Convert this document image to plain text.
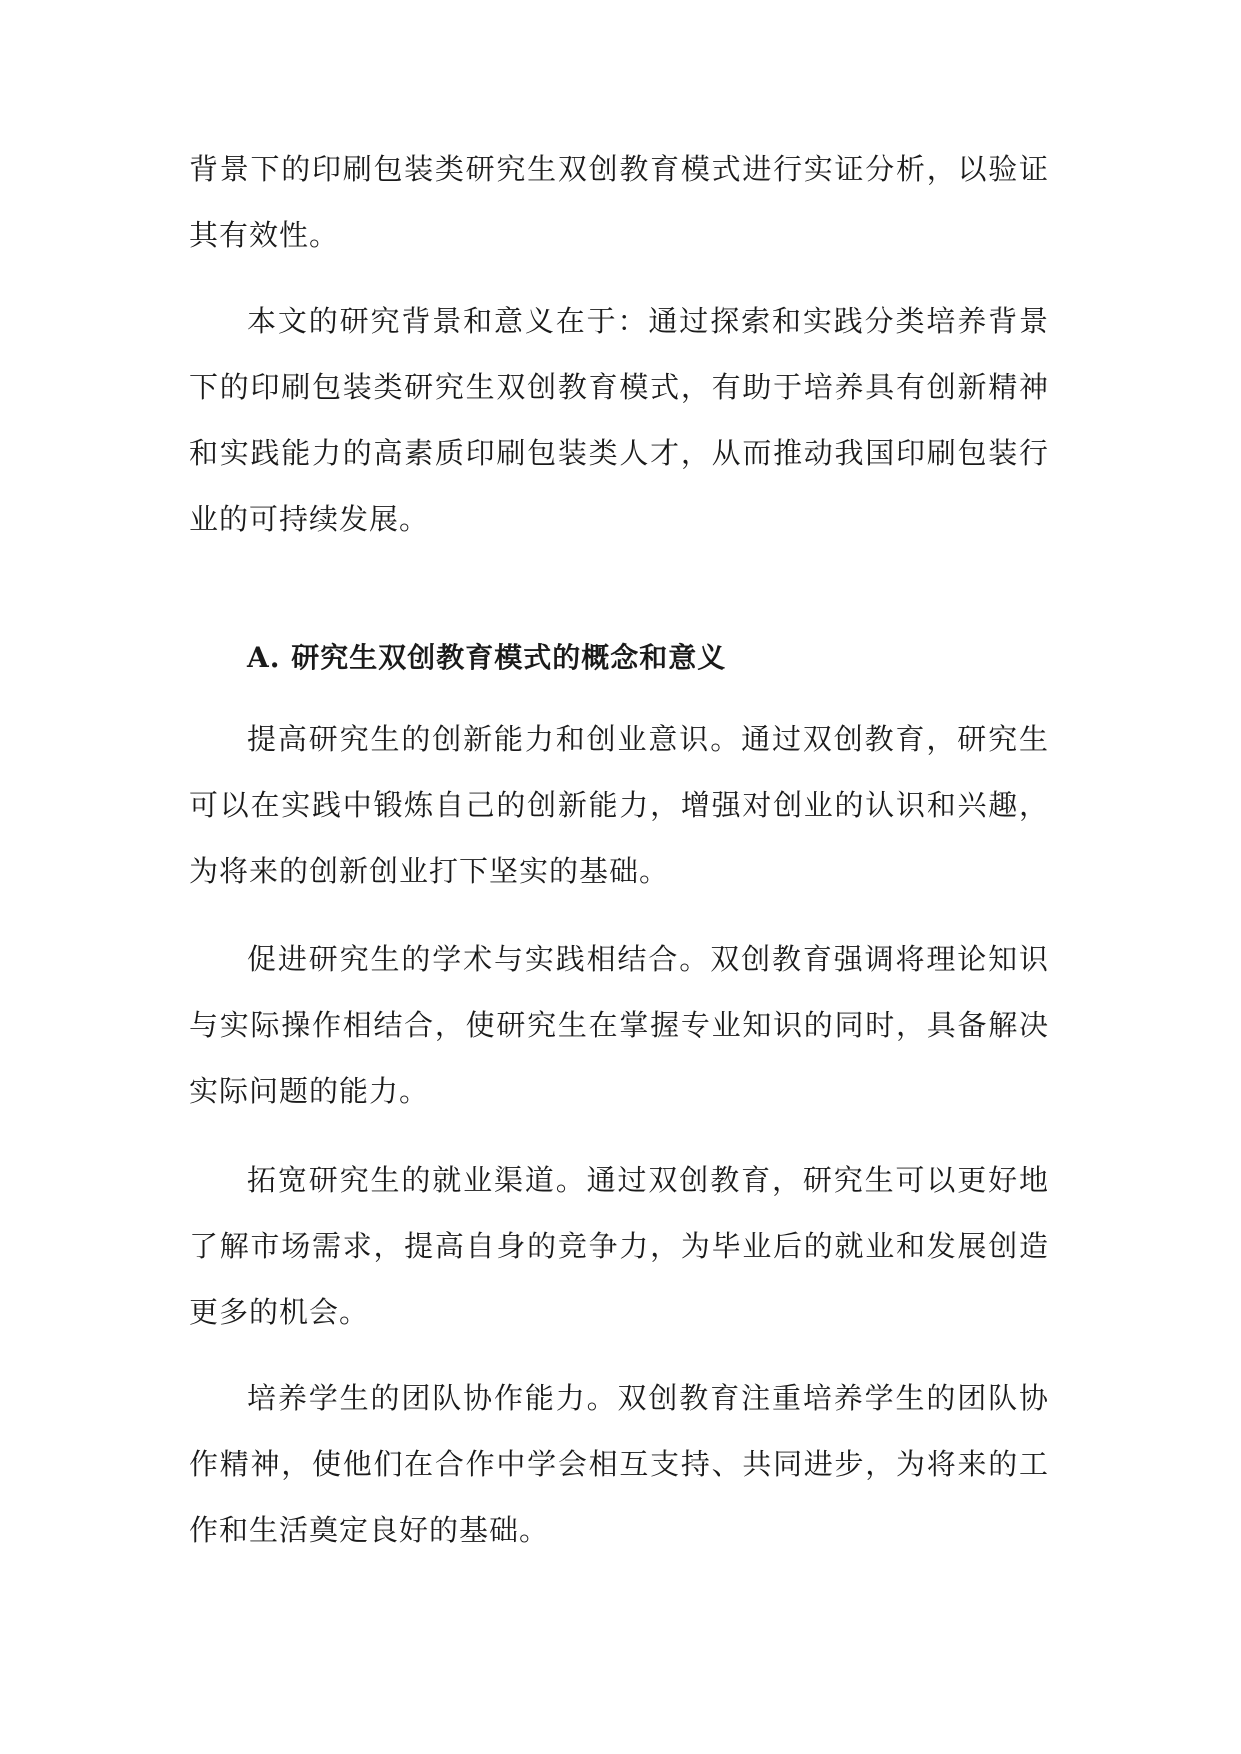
背景下的印刷包装类研究生双创教育模式进行实证分析，以验证其有效性。

本文的研究背景和意义在于：通过探索和实践分类培养背景下的印刷包装类研究生双创教育模式，有助于培养具有创新精神和实践能力的高素质印刷包装类人才，从而推动我国印刷包装行业的可持续发展。

A. 研究生双创教育模式的概念和意义

提高研究生的创新能力和创业意识。通过双创教育，研究生可以在实践中锻炼自己的创新能力，增强对创业的认识和兴趣，为将来的创新创业打下坚实的基础。

促进研究生的学术与实践相结合。双创教育强调将理论知识与实际操作相结合，使研究生在掌握专业知识的同时，具备解决实际问题的能力。

拓宽研究生的就业渠道。通过双创教育，研究生可以更好地了解市场需求，提高自身的竞争力，为毕业后的就业和发展创造更多的机会。

培养学生的团队协作能力。双创教育注重培养学生的团队协作精神，使他们在合作中学会相互支持、共同进步，为将来的工作和生活奠定良好的基础。
